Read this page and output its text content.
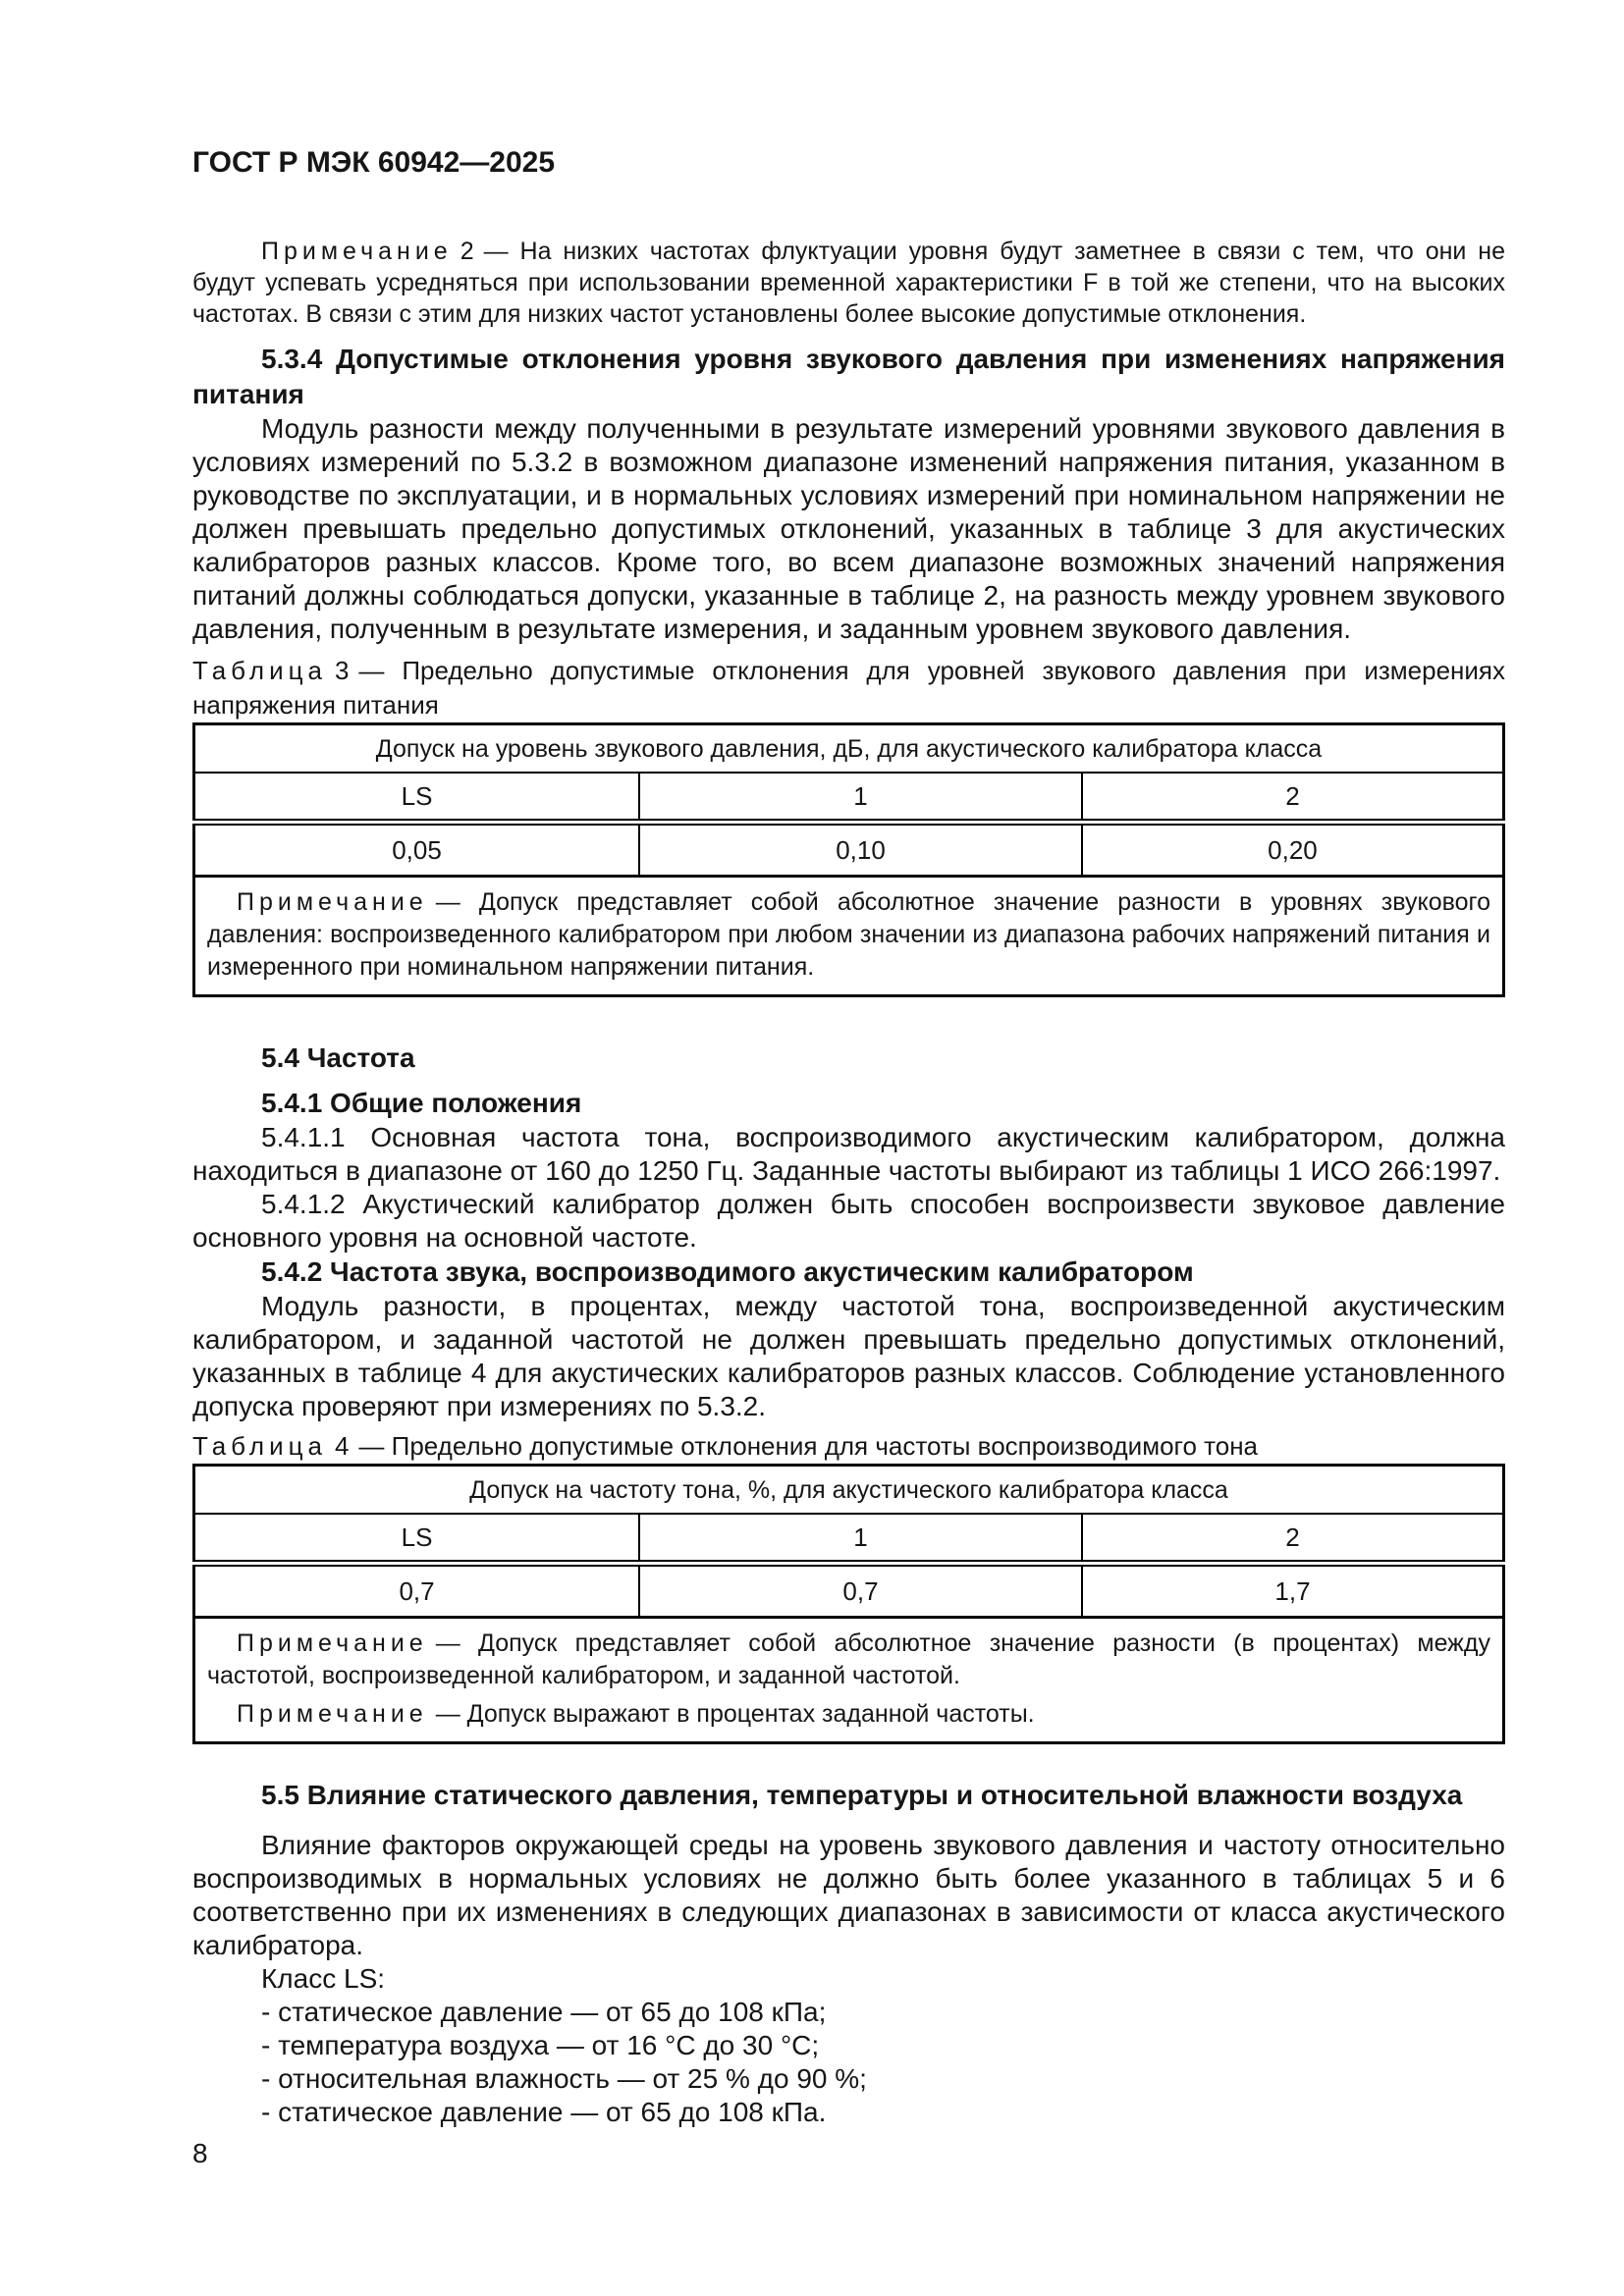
ГОСТ Р МЭК 60942—2025

Примечание 2 — На низких частотах флуктуации уровня будут заметнее в связи с тем, что они не будут успевать усредняться при использовании временной характеристики F в той же степени, что на высоких частотах. В связи с этим для низких частот установлены более высокие допустимые отклонения.

5.3.4 Допустимые отклонения уровня звукового давления при изменениях напряжения питания

Модуль разности между полученными в результате измерений уровнями звукового давления в условиях измерений по 5.3.2 в возможном диапазоне изменений напряжения питания, указанном в руководстве по эксплуатации, и в нормальных условиях измерений при номинальном напряжении не должен превышать предельно допустимых отклонений, указанных в таблице 3 для акустических калибраторов разных классов. Кроме того, во всем диапазоне возможных значений напряжения питаний должны соблюдаться допуски, указанные в таблице 2, на разность между уровнем звукового давления, полученным в результате измерения, и заданным уровнем звукового давления.

Таблица 3 — Предельно допустимые отклонения для уровней звукового давления при измерениях напряжения питания

Допуск на уровень звукового давления, дБ, для акустического калибратора класса		
LS	1	2
0,05	0,10	0,20

Примечание — Допуск представляет собой абсолютное значение разности в уровнях звукового давления: воспроизведенного калибратором при любом значении из диапазона рабочих напряжений питания и измеренного при номинальном напряжении питания.		

5.4 Частота
5.4.1 Общие положения

5.4.1.1 Основная частота тона, воспроизводимого акустическим калибратором, должна находиться в диапазоне от 160 до 1250 Гц. Заданные частоты выбирают из таблицы 1 ИСО 266:1997.

5.4.1.2 Акустический калибратор должен быть способен воспроизвести звуковое давление основного уровня на основной частоте.

5.4.2 Частота звука, воспроизводимого акустическим калибратором

Модуль разности, в процентах, между частотой тона, воспроизведенной акустическим калибратором, и заданной частотой не должен превышать предельно допустимых отклонений, указанных в таблице 4 для акустических калибраторов разных классов. Соблюдение установленного допуска проверяют при измерениях по 5.3.2.

Таблица 4 — Предельно допустимые отклонения для частоты воспроизводимого тона

Допуск на частоту тона, %, для акустического калибратора класса		
LS	1	2
0,7	0,7	1,7

Примечание — Допуск представляет собой абсолютное значение разности (в процентах) между частотой, воспроизведенной калибратором, и заданной частотой.

Примечание — Допуск выражают в процентах заданной частоты.		

5.5 Влияние статического давления, температуры и относительной влажности воздуха

Влияние факторов окружающей среды на уровень звукового давления и частоту относительно воспроизводимых в нормальных условиях не должно быть более указанного в таблицах 5 и 6 соответственно при их изменениях в следующих диапазонах в зависимости от класса акустического калибратора.

Класс LS:

- статическое давление — от 65 до 108 кПа;

- температура воздуха — от 16 °С до 30 °С;

- относительная влажность — от 25 % до 90 %;

- статическое давление — от 65 до 108 кПа.

8
